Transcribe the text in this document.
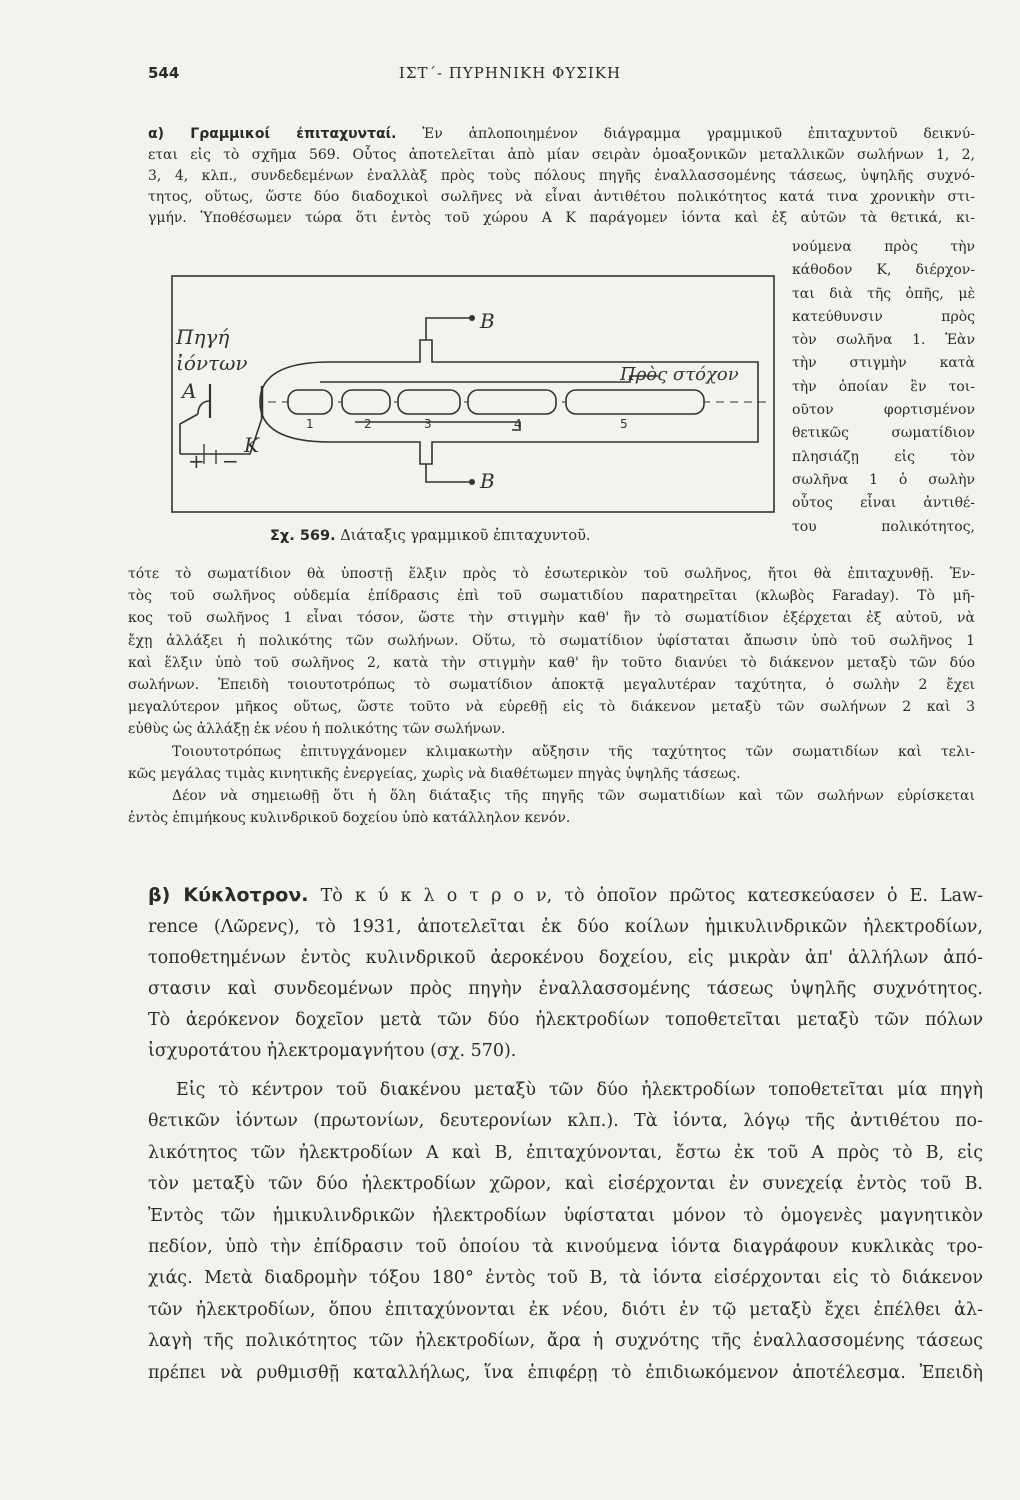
544	ΙΣΤ΄- ΠΥΡΗΝΙΚΗ ΦΥΣΙΚΗ
α) Γραμμικοί ἐπιταχυνταί. Ἐν ἁπλοποιημένον διάγραμμα γραμμικοῦ ἐπιταχυντοῦ δεικνύ-
εται εἰς τὸ σχῆμα 569. Οὗτος ἀποτελεῖται ἀπὸ μίαν σειρὰν ὁμοαξονικῶν μεταλλικῶν σωλήνων 1, 2,
3, 4, κλπ., συνδεδεμένων ἐναλλὰξ πρὸς τοὺς πόλους πηγῆς ἐναλλασσομένης τάσεως, ὑψηλῆς συχνό-
τητος, οὕτως, ὥστε δύο διαδοχικοὶ σωλῆνες νὰ εἶναι ἀντιθέτου πολικότητος κατά τινα χρονικὴν στι-
γμήν. Ὑποθέσωμεν τώρα ὅτι ἐντὸς τοῦ χώρου Α Κ παράγομεν ἰόντα καὶ ἐξ αὐτῶν τὰ θετικά, κι-
νούμενα πρὸς τὴν
κάθοδον Κ, διέρχον-
ται διὰ τῆς ὀπῆς, μὲ
κατεύθυνσιν πρὸς
τὸν σωλῆνα 1. Ἐὰν
τὴν στιγμὴν κατὰ
τὴν ὁποίαν ἓν τοι-
οῦτον φορτισμένον
θετικῶς σωματίδιον
πλησιάζῃ εἰς τὸν
σωλῆνα 1 ὁ σωλὴν
οὗτος εἶναι ἀντιθέ-
του πολικότητος,
Πηγή
ἰόντων	Πρὸς στόχον
B
B
A
K
+ −
1	2	3	4	5
Σχ. 569. Διάταξις γραμμικοῦ ἐπιταχυντοῦ.
τότε τὸ σωματίδιον θὰ ὑποστῇ ἕλξιν πρὸς τὸ ἐσωτερικὸν τοῦ σωλῆνος, ἤτοι θὰ ἐπιταχυνθῇ. Ἐν-
τὸς τοῦ σωλῆνος οὐδεμία ἐπίδρασις ἐπὶ τοῦ σωματιδίου παρατηρεῖται (κλωβὸς Faraday). Τὸ μῆ-
κος τοῦ σωλῆνος 1 εἶναι τόσον, ὥστε τὴν στιγμὴν καθ' ἣν τὸ σωματίδιον ἐξέρχεται ἐξ αὐτοῦ, νὰ
ἔχῃ ἀλλάξει ἡ πολικότης τῶν σωλήνων. Οὕτω, τὸ σωματίδιον ὑφίσταται ἄπωσιν ὑπὸ τοῦ σωλῆνος 1
καὶ ἕλξιν ὑπὸ τοῦ σωλῆνος 2, κατὰ τὴν στιγμὴν καθ' ἣν τοῦτο διανύει τὸ διάκενον μεταξὺ τῶν δύο
σωλήνων. Ἐπειδὴ τοιουτοτρόπως τὸ σωματίδιον ἀποκτᾷ μεγαλυτέραν ταχύτητα, ὁ σωλὴν 2 ἔχει
μεγαλύτερον μῆκος οὕτως, ὥστε τοῦτο νὰ εὑρεθῇ εἰς τὸ διάκενον μεταξὺ τῶν σωλήνων 2 καὶ 3
εὐθὺς ὡς ἀλλάξῃ ἐκ νέου ἡ πολικότης τῶν σωλήνων.
Τοιουτοτρόπως ἐπιτυγχάνομεν κλιμακωτὴν αὔξησιν τῆς ταχύτητος τῶν σωματιδίων καὶ τελι-
κῶς μεγάλας τιμὰς κινητικῆς ἐνεργείας, χωρὶς νὰ διαθέτωμεν πηγὰς ὑψηλῆς τάσεως.
Δέον νὰ σημειωθῇ ὅτι ἡ ὅλη διάταξις τῆς πηγῆς τῶν σωματιδίων καὶ τῶν σωλήνων εὑρίσκεται
ἐντὸς ἐπιμήκους κυλινδρικοῦ δοχείου ὑπὸ κατάλληλον κενόν.
β) Κύκλοτρον. Τὸ κ ύ κ λ ο τ ρ ο ν, τὸ ὁποῖον πρῶτος κατεσκεύασεν ὁ Ε. Law-
rence (Λῶρενς), τὸ 1931, ἀποτελεῖται ἐκ δύο κοίλων ἡμικυλινδρικῶν ἠλεκτροδίων,
τοποθετημένων ἐντὸς κυλινδρικοῦ ἀεροκένου δοχείου, εἰς μικρὰν ἀπ' ἀλλήλων ἀπό-
στασιν καὶ συνδεομένων πρὸς πηγὴν ἐναλλασσομένης τάσεως ὑψηλῆς συχνότητος.
Τὸ ἀερόκενον δοχεῖον μετὰ τῶν δύο ἠλεκτροδίων τοποθετεῖται μεταξὺ τῶν πόλων
ἰσχυροτάτου ἠλεκτρομαγνήτου (σχ. 570).
Εἰς τὸ κέντρον τοῦ διακένου μεταξὺ τῶν δύο ἠλεκτροδίων τοποθετεῖται μία πηγὴ
θετικῶν ἰόντων (πρωτονίων, δευτερονίων κλπ.). Τὰ ἰόντα, λόγῳ τῆς ἀντιθέτου πο-
λικότητος τῶν ἠλεκτροδίων Α καὶ Β, ἐπιταχύνονται, ἔστω ἐκ τοῦ Α πρὸς τὸ Β, εἰς
τὸν μεταξὺ τῶν δύο ἠλεκτροδίων χῶρον, καὶ εἰσέρχονται ἐν συνεχείᾳ ἐντὸς τοῦ Β.
Ἐντὸς τῶν ἡμικυλινδρικῶν ἠλεκτροδίων ὑφίσταται μόνον τὸ ὁμογενὲς μαγνητικὸν
πεδίον, ὑπὸ τὴν ἐπίδρασιν τοῦ ὁποίου τὰ κινούμενα ἰόντα διαγράφουν κυκλικὰς τρο-
χιάς. Μετὰ διαδρομὴν τόξου 180° ἐντὸς τοῦ Β, τὰ ἰόντα εἰσέρχονται εἰς τὸ διάκενον
τῶν ἠλεκτροδίων, ὅπου ἐπιταχύνονται ἐκ νέου, διότι ἐν τῷ μεταξὺ ἔχει ἐπέλθει ἀλ-
λαγὴ τῆς πολικότητος τῶν ἠλεκτροδίων, ἄρα ἡ συχνότης τῆς ἐναλλασσομένης τάσεως
πρέπει νὰ ρυθμισθῇ καταλλήλως, ἵνα ἐπιφέρῃ τὸ ἐπιδιωκόμενον ἀποτέλεσμα. Ἐπειδὴ
